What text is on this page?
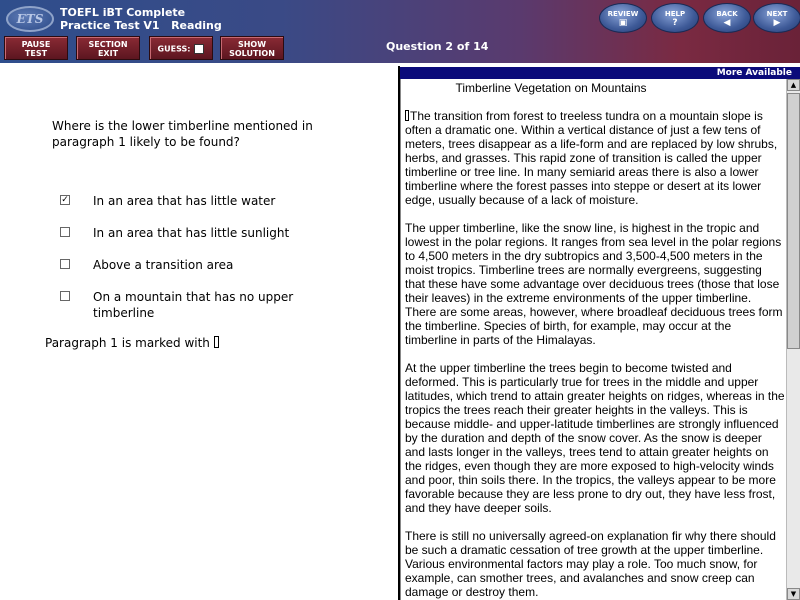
ETS	TOEFL iBT Complete
Practice Test V1   Reading
PAUSE
TEST
SECTION
EXIT	GUESS:	SHOW
SOLUTION
Question 2 of 14
REVIEW
▣
HELP
?
BACK
◀
NEXT
▶
Where is the lower timberline mentioned in paragraph 1 likely to be found?
✓ In an area that has little water
In an area that has little sunlight
Above a transition area
On a mountain that has no upper timberline
Paragraph 1 is marked with
More Available
Timberline Vegetation on Mountains

The transition from forest to treeless tundra on a mountain slope is often a dramatic one. Within a vertical distance of just a few tens of meters, trees disappear as a life-form and are replaced by low shrubs, herbs, and grasses. This rapid zone of transition is called the upper timberline or tree line. In many semiarid areas there is also a lower timberline where the forest passes into steppe or desert at its lower edge, usually because of a lack of moisture.

The upper timberline, like the snow line, is highest in the tropic and lowest in the polar regions. It ranges from sea level in the polar regions to 4,500 meters in the dry subtropics and 3,500-4,500 meters in the moist tropics. Timberline trees are normally evergreens, suggesting that these have some advantage over deciduous trees (those that lose their leaves) in the extreme environments of the upper timberline. There are some areas, however, where broadleaf deciduous trees form the timberline. Species of birth, for example, may occur at the timberline in parts of the Himalayas.

At the upper timberline the trees begin to become twisted and deformed. This is particularly true for trees in the middle and upper latitudes, which trend to attain greater heights on ridges, whereas in the tropics the trees reach their greater heights in the valleys. This is because middle- and upper-latitude timberlines are strongly influenced by the duration and depth of the snow cover. As the snow is deeper and lasts longer in the valleys, trees tend to attain greater heights on the ridges, even though they are more exposed to high-velocity winds and poor, thin soils there. In the tropics, the valleys appear to be more favorable because they are less prone to dry out, they have less frost, and they have deeper soils.

There is still no universally agreed-on explanation fir why there should be such a dramatic cessation of tree growth at the upper timberline. Various environmental factors may play a role. Too much snow, for example, can smother trees, and avalanches and snow creep can damage or destroy them.

▲
▼
